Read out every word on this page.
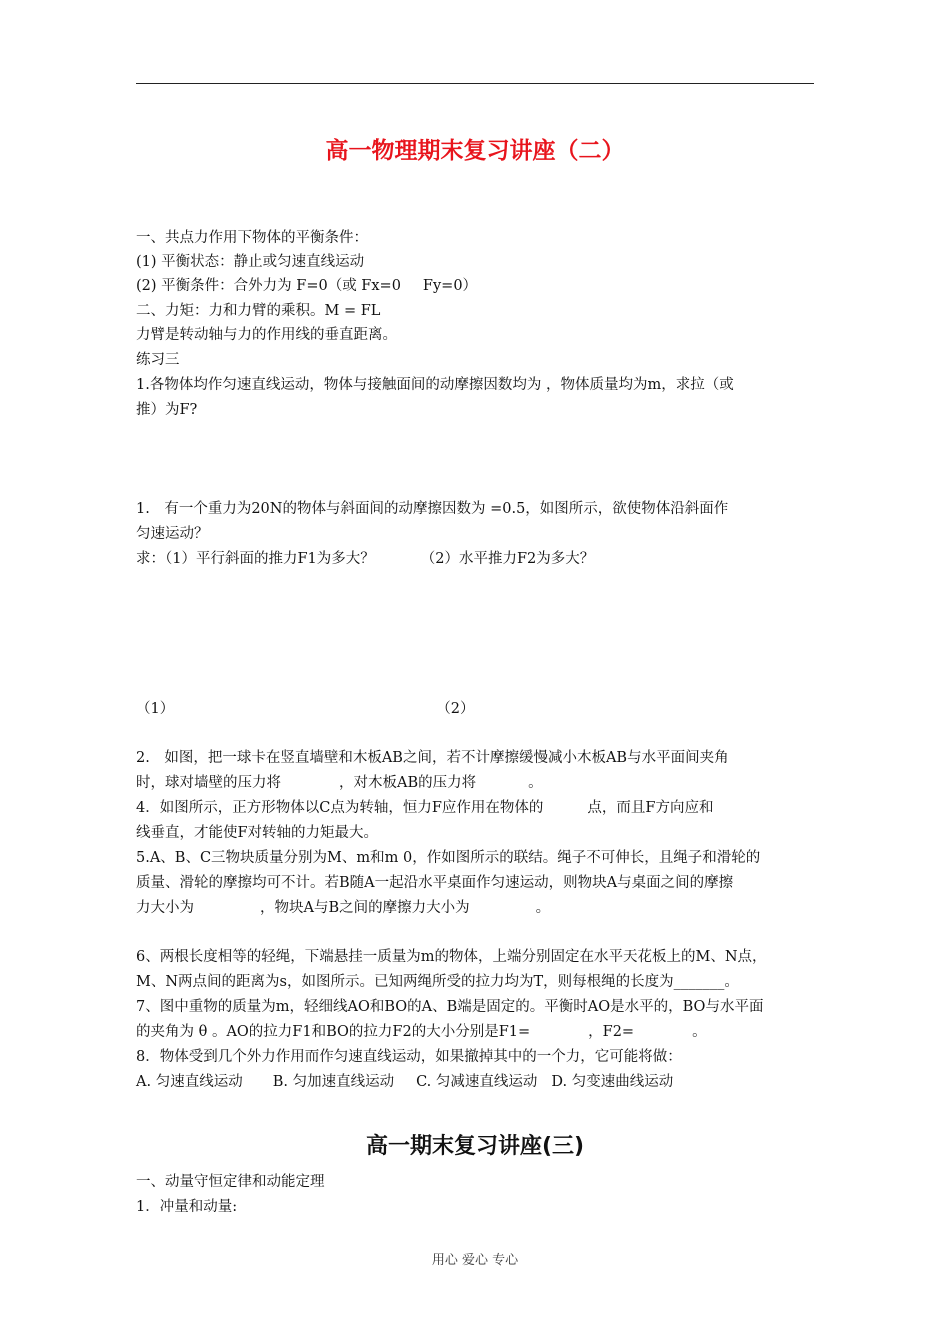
高一物理期末复习讲座（二）
一、共点力作用下物体的平衡条件：
(1) 平衡状态：静止或匀速直线运动
(2) 平衡条件：合外力为 F=0（或 Fx=0 Fy=0）
二、力矩：力和力臂的乘积。M = FL
力臂是转动轴与力的作用线的垂直距离。
练习三
1.各物体均作匀速直线运动，物体与接触面间的动摩擦因数均为 ，物体质量均为m，求拉（或
推）为F?
1.　有一个重力为20N的物体与斜面间的动摩擦因数为 =0.5，如图所示，欲使物体沿斜面作
匀速运动？
求：（1）平行斜面的推力F1为多大？	（2）水平推力F2为多大？
（1）	（2）
2.　如图，把一球卡在竖直墙壁和木板AB之间，若不计摩擦缓慢减小木板AB与水平面间夹角
时，球对墙壁的压力将	，对木板AB的压力将	。
4．如图所示，正方形物体以C点为转轴，恒力F应作用在物体的	点，而且F方向应和
线垂直，才能使F对转轴的力矩最大。
5.A、B、C三物块质量分别为M、m和m 0，作如图所示的联结。绳子不可伸长，且绳子和滑轮的
质量、滑轮的摩擦均可不计。若B随A一起沿水平桌面作匀速运动，则物块A与桌面之间的摩擦
力大小为	，物块A与B之间的摩擦力大小为	。
6、两根长度相等的轻绳，下端悬挂一质量为m的物体，上端分别固定在水平天花板上的M、N点，
M、N两点间的距离为s，如图所示。已知两绳所受的拉力均为T，则每根绳的长度为_______。
7、图中重物的质量为m，轻细线AO和BO的A、B端是固定的。平衡时AO是水平的，BO与水平面
的夹角为 θ 。AO的拉力F1和BO的拉力F2的大小分别是F1=	，F2=	。
8．物体受到几个外力作用而作匀速直线运动，如果撤掉其中的一个力，它可能将做：
A. 匀速直线运动 B. 匀加速直线运动 C. 匀减速直线运动 D. 匀变速曲线运动
高一期末复习讲座(三)
一、动量守恒定律和动能定理
1．冲量和动量:
用心 爱心 专心
